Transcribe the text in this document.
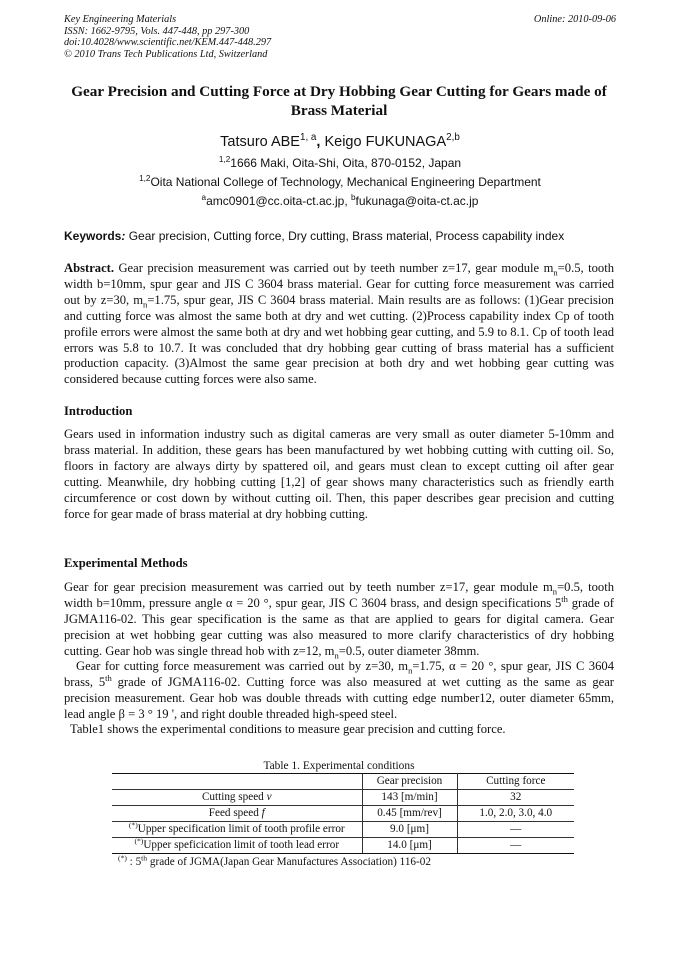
Key Engineering Materials
ISSN: 1662-9795, Vols. 447-448, pp 297-300
doi:10.4028/www.scientific.net/KEM.447-448.297
© 2010 Trans Tech Publications Ltd, Switzerland
Online: 2010-09-06
Gear Precision and Cutting Force at Dry Hobbing Gear Cutting for Gears made of Brass Material
Tatsuro ABE$^{1, a}$, Keigo FUKUNAGA$^{2,b}$
$^{1,2}$1666 Maki, Oita-Shi, Oita, 870-0152, Japan
$^{1,2}$Oita National College of Technology, Mechanical Engineering Department
$^a$amc0901@cc.oita-ct.ac.jp, $^b$fukunaga@oita-ct.ac.jp
Keywords: Gear precision, Cutting force, Dry cutting, Brass material, Process capability index
Abstract. Gear precision measurement was carried out by teeth number z=17, gear module $m_n=0.5$, tooth width b=10mm, spur gear and JIS C 3604 brass material. Gear for cutting force measurement was carried out by z=30, $m_n=1.75$, spur gear, JIS C 3604 brass material. Main results are as follows: (1)Gear precision and cutting force was almost the same both at dry and wet cutting. (2)Process capability index Cp of tooth profile errors were almost the same both at dry and wet hobbing gear cutting, and 5.9 to 8.1. Cp of tooth lead errors was 5.8 to 10.7. It was concluded that dry hobbing gear cutting of brass material has a sufficient production capacity. (3)Almost the same gear precision at both dry and wet hobbing gear cutting was considered because cutting forces were also same.
Introduction
Gears used in information industry such as digital cameras are very small as outer diameter 5-10mm and brass material. In addition, these gears has been manufactured by wet hobbing cutting with cutting oil. So, floors in factory are always dirty by spattered oil, and gears must clean to except cutting oil after gear cutting. Meanwhile, dry hobbing cutting [1,2] of gear shows many characteristics such as friendly earth circumference or cost down by without cutting oil. Then, this paper describes gear precision and cutting force for gear made of brass material at dry hobbing cutting.
Experimental Methods
Gear for gear precision measurement was carried out by teeth number z=17, gear module $m_n=0.5$, tooth width b=10mm, pressure angle α = 20 °, spur gear, JIS C 3604 brass, and design specifications 5th grade of JGMA116-02. This gear specification is the same as that are applied to gears for digital camera. Gear precision at wet hobbing gear cutting was also measured to more clarify characteristics of dry hobbing cutting. Gear hob was single thread hob with z=12, $m_n=0.5$, outer diameter 38mm.
Gear for cutting force measurement was carried out by z=30, $m_n=1.75$, α = 20 °, spur gear, JIS C 3604 brass, 5th grade of JGMA116-02. Cutting force was also measured at wet cutting as the same as gear precision measurement. Gear hob was double threads with cutting edge number12, outer diameter 65mm, lead angle β = 3 ° 19 ', and right double threaded high-speed steel.
Table1 shows the experimental conditions to measure gear precision and cutting force.
Table 1. Experimental conditions
	Gear precision	Cutting force
Cutting speed v	143 [m/min]	32
Feed speed f	0.45 [mm/rev]	1.0, 2.0, 3.0, 4.0
(*)Upper specification limit of tooth profile error	9.0 [μm]	—
(*)Upper speficication limit of tooth lead error	14.0 [μm]	—
(*) : 5th grade of JGMA(Japan Gear Manufactures Association) 116-02
